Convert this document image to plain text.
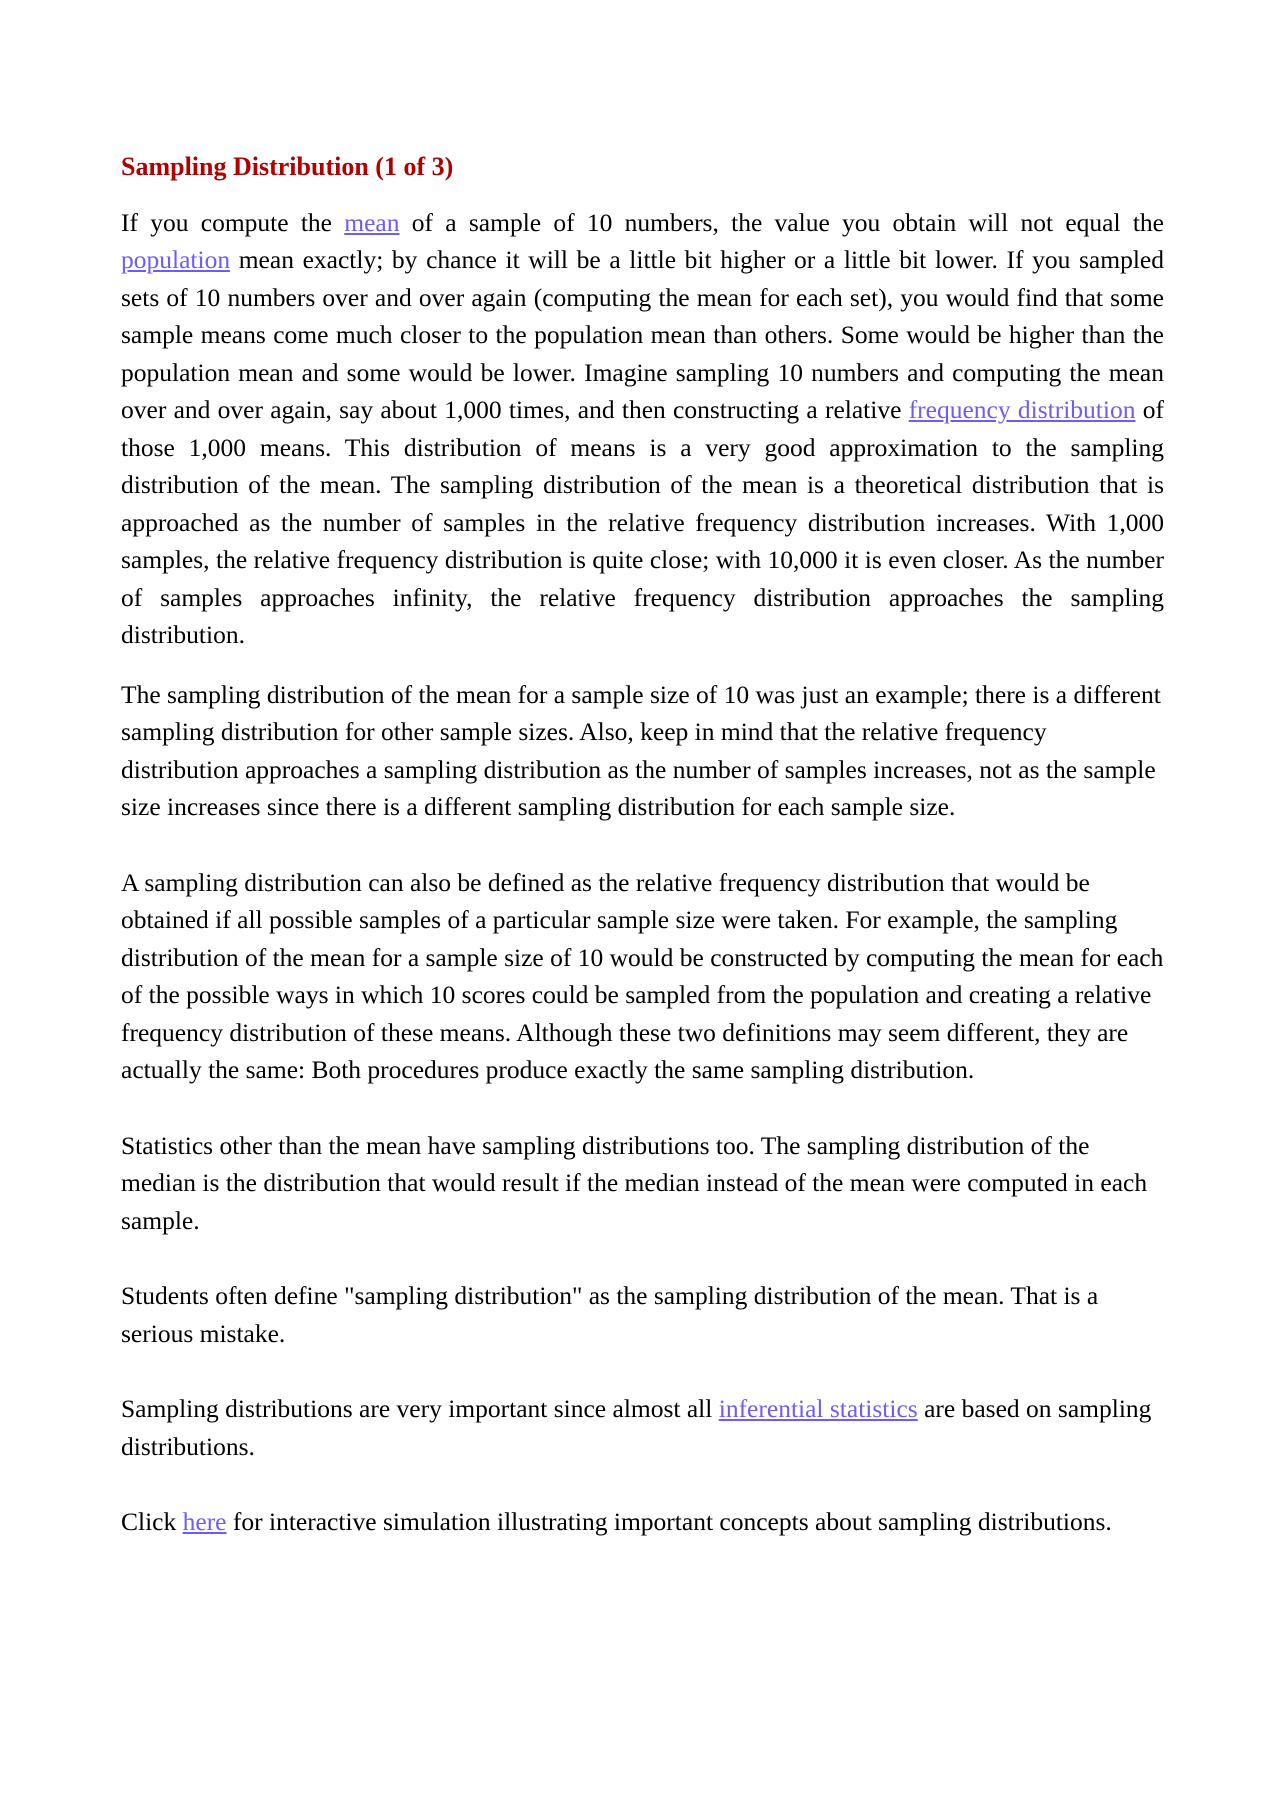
Sampling Distribution (1 of 3)

If you compute the mean of a sample of 10 numbers, the value you obtain will not equal the population mean exactly; by chance it will be a little bit higher or a little bit lower. If you sampled sets of 10 numbers over and over again (computing the mean for each set), you would find that some sample means come much closer to the population mean than others. Some would be higher than the population mean and some would be lower. Imagine sampling 10 numbers and computing the mean over and over again, say about 1,000 times, and then constructing a relative frequency distribution of those 1,000 means. This distribution of means is a very good approximation to the sampling distribution of the mean. The sampling distribution of the mean is a theoretical distribution that is approached as the number of samples in the relative frequency distribution increases. With 1,000 samples, the relative frequency distribution is quite close; with 10,000 it is even closer. As the number of samples approaches infinity, the relative frequency distribution approaches the sampling distribution.

The sampling distribution of the mean for a sample size of 10 was just an example; there is a different sampling distribution for other sample sizes. Also, keep in mind that the relative frequency distribution approaches a sampling distribution as the number of samples increases, not as the sample size increases since there is a different sampling distribution for each sample size.

A sampling distribution can also be defined as the relative frequency distribution that would be obtained if all possible samples of a particular sample size were taken. For example, the sampling distribution of the mean for a sample size of 10 would be constructed by computing the mean for each of the possible ways in which 10 scores could be sampled from the population and creating a relative frequency distribution of these means. Although these two definitions may seem different, they are actually the same: Both procedures produce exactly the same sampling distribution.

Statistics other than the mean have sampling distributions too. The sampling distribution of the median is the distribution that would result if the median instead of the mean were computed in each sample.

Students often define "sampling distribution" as the sampling distribution of the mean. That is a serious mistake.

Sampling distributions are very important since almost all inferential statistics are based on sampling distributions.

Click here for interactive simulation illustrating important concepts about sampling distributions.
